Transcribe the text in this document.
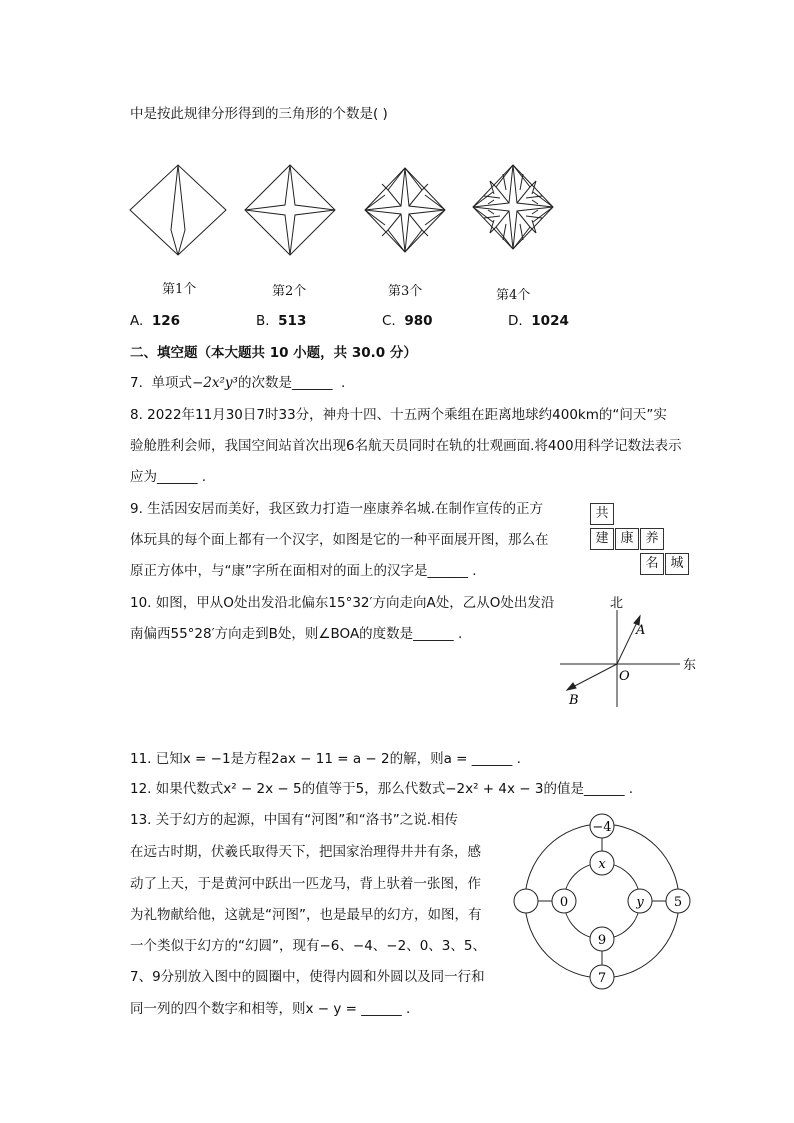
中是按此规律分形得到的三角形的个数是( )
第1个	第2个	第3个	第4个
A. 126	B. 513	C. 980	D. 1024
二、填空题（本大题共 10 小题，共 30.0 分）
7. 单项式−2x²y³的次数是______ .
8. 2022年11月30日7时33分，神舟十四、十五两个乘组在距离地球约400km的“问天”实
验舱胜利会师，我国空间站首次出现6名航天员同时在轨的壮观画面.将400用科学记数法表示
应为______ .
9. 生活因安居而美好，我区致力打造一座康养名城.在制作宣传的正方
体玩具的每个面上都有一个汉字，如图是它的一种平面展开图，那么在
原正方体中，与“康”字所在面相对的面上的汉字是______ .
共
建 康 养
名 城
10. 如图，甲从O处出发沿北偏东15°32′方向走向A处，乙从O处出发沿
南偏西55°28′方向走到B处，则∠BOA的度数是______ .
北
东
O
A
B
11. 已知x = −1是方程2ax − 11 = a − 2的解，则a = ______ .
12. 如果代数式x² − 2x − 5的值等于5，那么代数式−2x² + 4x − 3的值是______ .
13. 关于幻方的起源，中国有“河图”和“洛书”之说.相传
在远古时期，伏羲氏取得天下，把国家治理得井井有条，感
动了上天，于是黄河中跃出一匹龙马，背上驮着一张图，作
为礼物献给他，这就是“河图”，也是最早的幻方，如图，有
一个类似于幻方的“幻圆”，现有−6、−4、−2、0、3、5、
7、9分别放入图中的圆圈中，使得内圆和外圆以及同一行和
同一列的四个数字和相等，则x − y = ______ .
−4
x
0	y 5
9
7
